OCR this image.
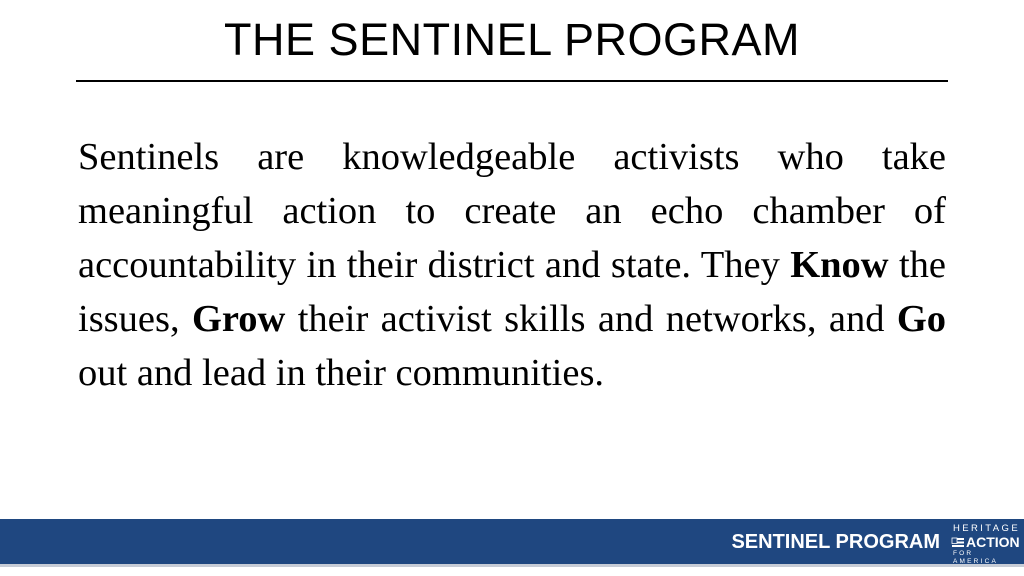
THE SENTINEL PROGRAM
Sentinels are knowledgeable activists who take meaningful action to create an echo chamber of accountability in their district and state. They Know the issues, Grow their activist skills and networks, and Go out and lead in their communities.
SENTINEL PROGRAM
HERITAGE
ACTION
FOR AMERICA
